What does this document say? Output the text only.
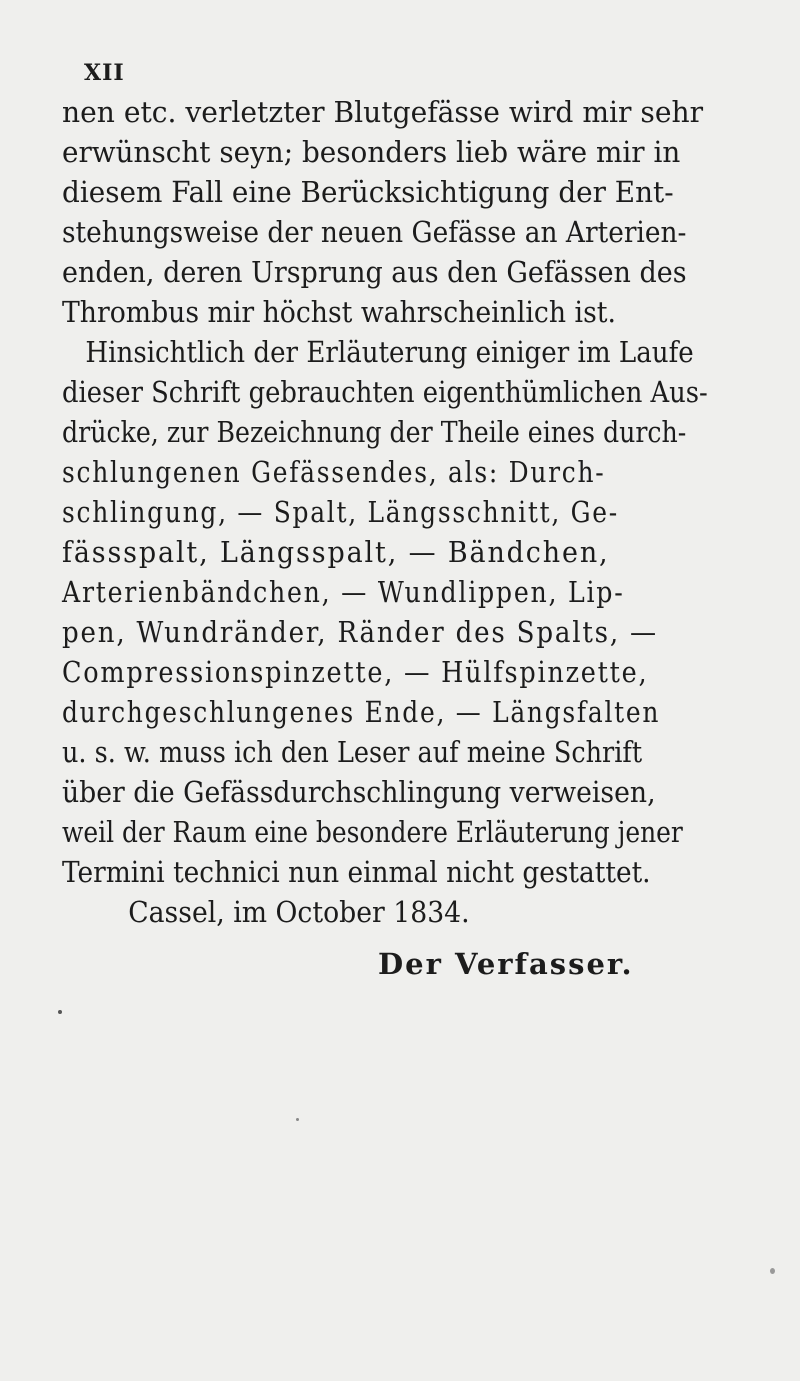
XII
nen etc. verletzter Blutgefässe wird mir sehr
erwünscht seyn; besonders lieb wäre mir in
diesem Fall eine Berücksichtigung der Ent-
stehungsweise der neuen Gefässe an Arterien-
enden, deren Ursprung aus den Gefässen des
Thrombus mir höchst wahrscheinlich ist.
Hinsichtlich der Erläuterung einiger im Laufe
dieser Schrift gebrauchten eigenthümlichen Aus-
drücke, zur Bezeichnung der Theile eines durch-
schlungenen Gefässendes, als: Durch-
schlingung, — Spalt, Längsschnitt, Ge-
fässspalt, Längsspalt, — Bändchen,
Arterienbändchen, — Wundlippen, Lip-
pen, Wundränder, Ränder des Spalts, —
Compressionspinzette, — Hülfspinzette,
durchgeschlungenes Ende, — Längsfalten
u. s. w. muss ich den Leser auf meine Schrift
über die Gefässdurchschlingung verweisen,
weil der Raum eine besondere Erläuterung jener
Termini technici nun einmal nicht gestattet.
Cassel, im October 1834.
Der Verfasser.
